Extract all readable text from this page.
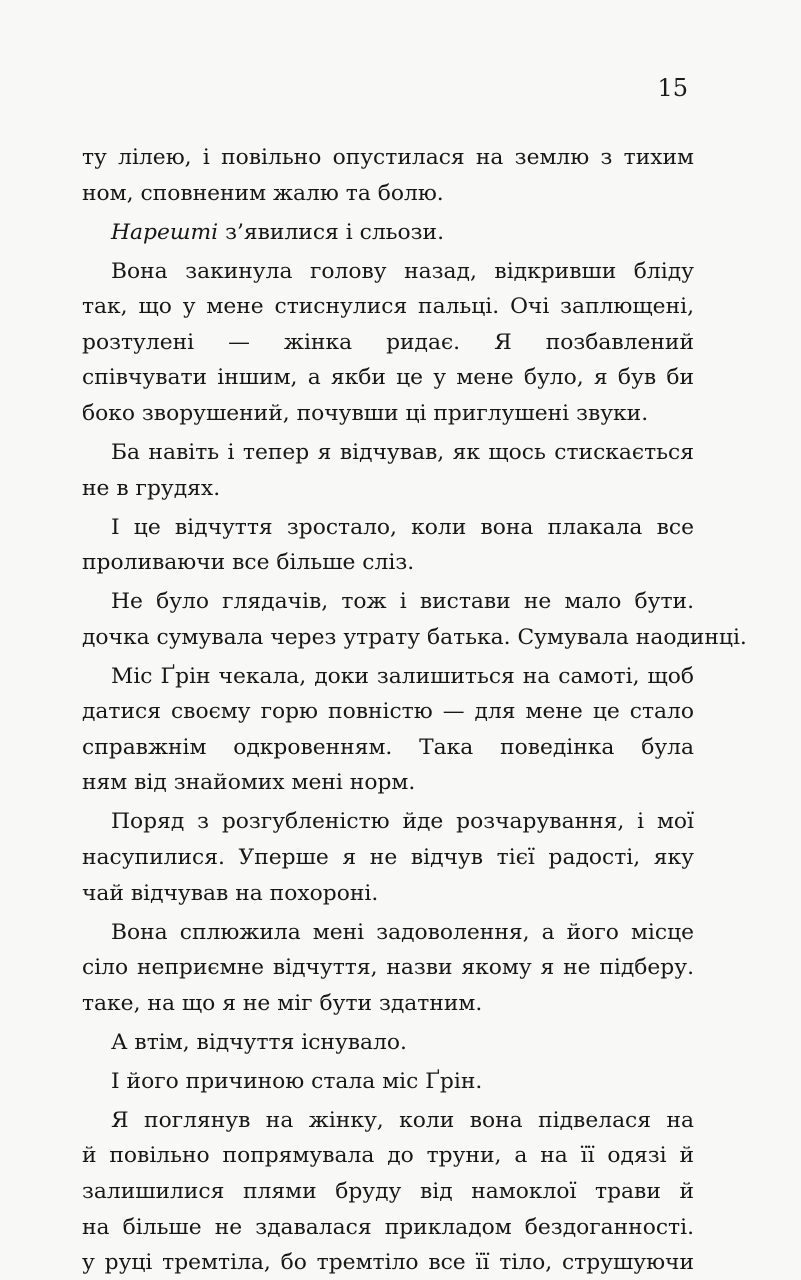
15
ту лілею, і повільно опустилася на землю з тихим
ном, сповненим жалю та болю.
Нарешті з’явилися і сльози.
Вона закинула голову назад, відкривши бліду
так, що у мене стиснулися пальці. Очі заплющені,
розтулені — жінка ридає. Я позбавлений
співчувати іншим, а якби це у мене було, я був би
боко зворушений, почувши ці приглушені звуки.
Ба навіть і тепер я відчував, як щось стискається
не в грудях.
І це відчуття зростало, коли вона плакала все
проливаючи все більше сліз.
Не було глядачів, тож і вистави не мало бути.
дочка сумувала через утрату батька. Сумувала наодинці.
Міс Ґрін чекала, доки залишиться на самоті, щоб
датися своєму горю повністю — для мене це стало
справжнім одкровенням. Така поведінка була
ням від знайомих мені норм.
Поряд з розгубленістю йде розчарування, і мої
насупилися. Уперше я не відчув тієї радості, яку
чай відчував на похороні.
Вона сплюжила мені задоволення, а його місце
сіло неприємне відчуття, назви якому я не підберу.
таке, на що я не міг бути здатним.
А втім, відчуття існувало.
І його причиною стала міс Ґрін.
Я поглянув на жінку, коли вона підвелася на
й повільно попрямувала до труни, а на її одязі й
залишилися плями бруду від намоклої трави й
на більше не здавалася прикладом бездоганності.
у руці тремтіла, бо тремтіло все її тіло, струшуючи
